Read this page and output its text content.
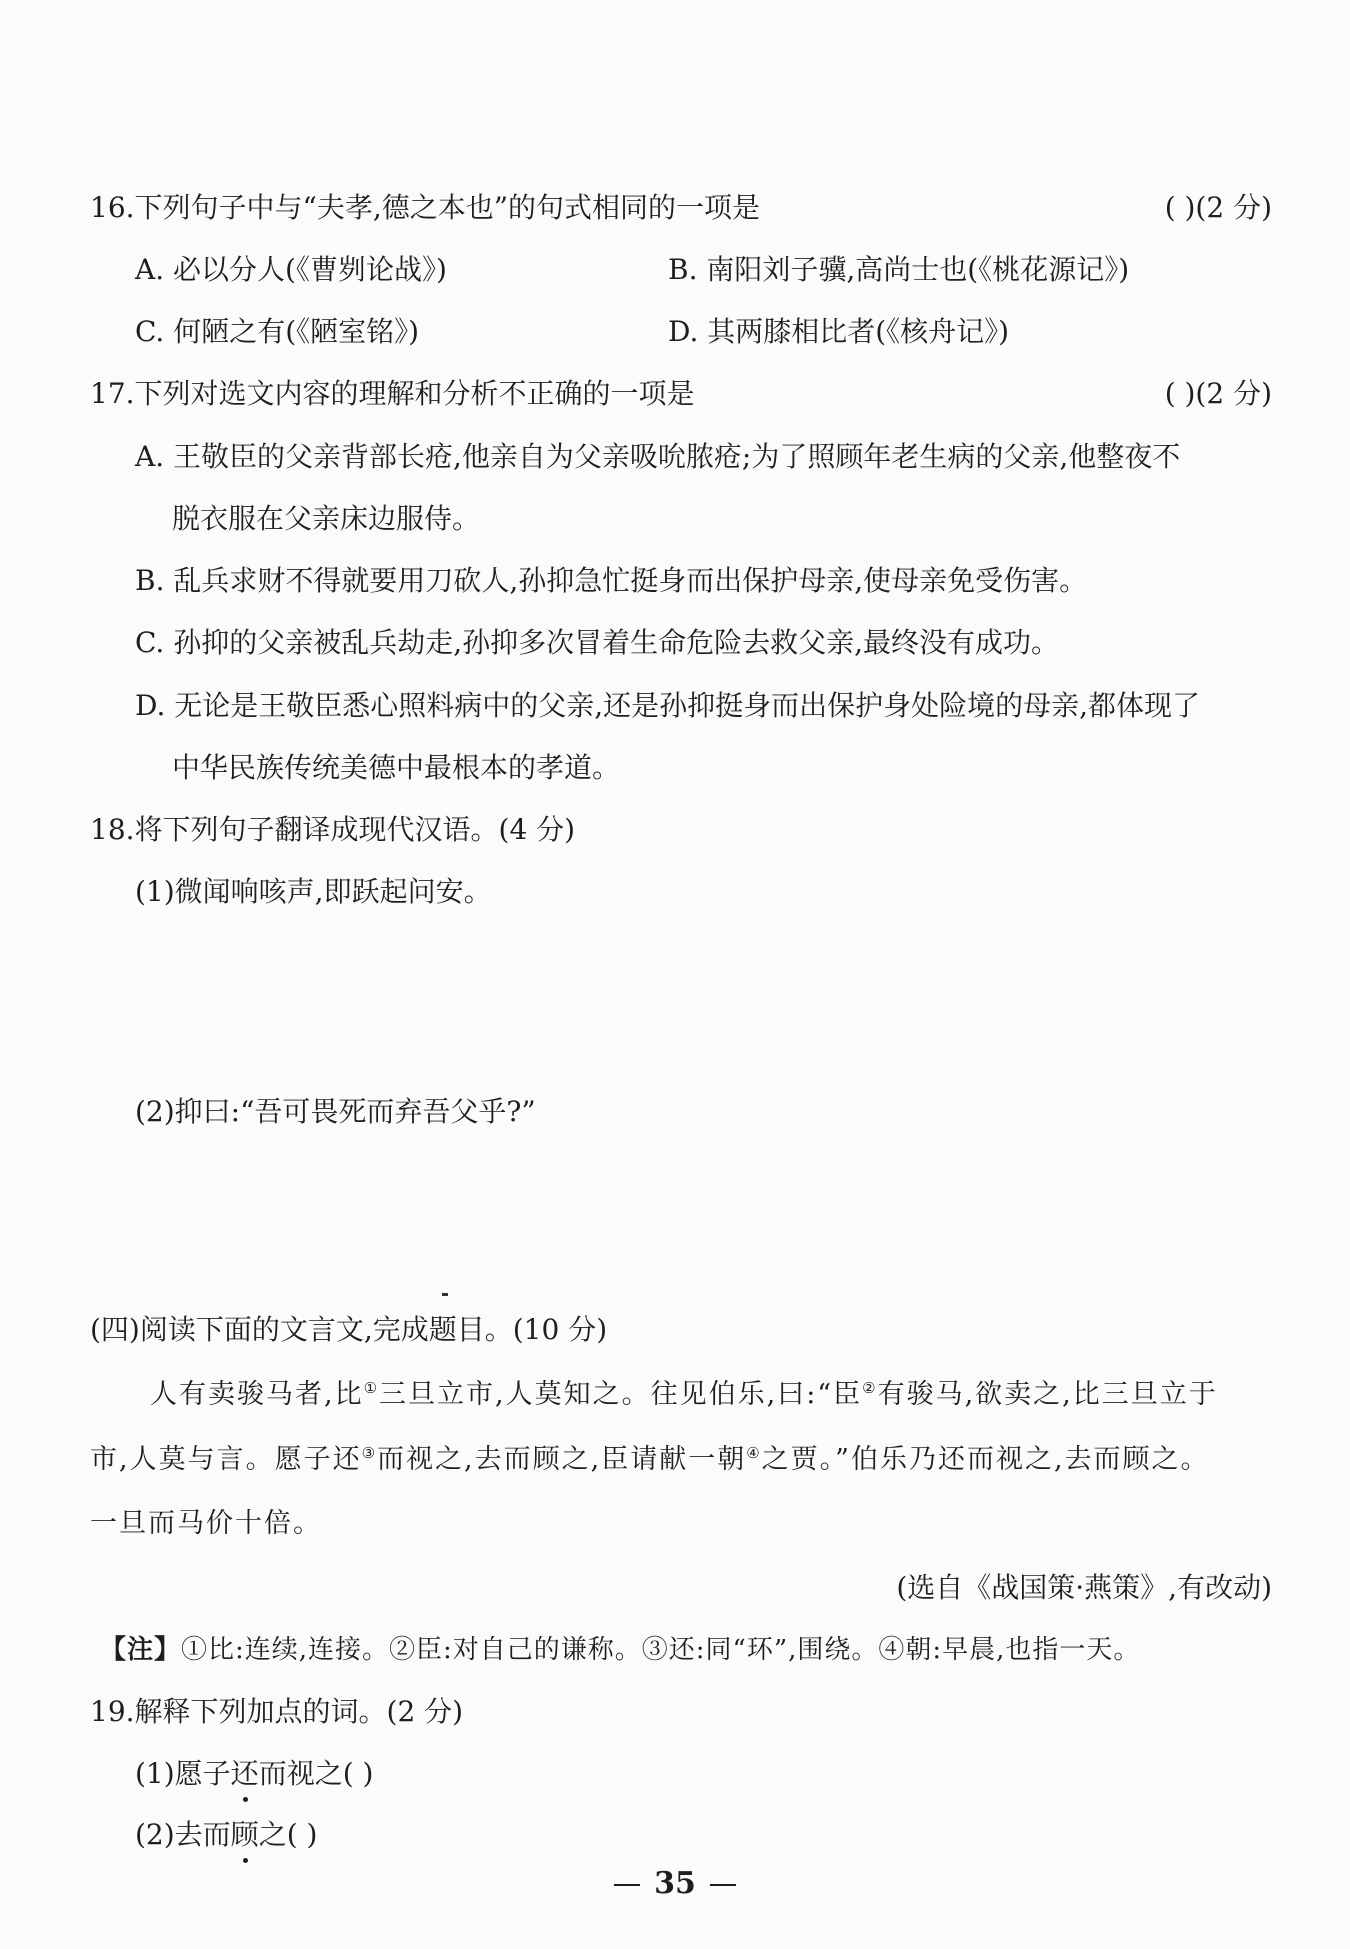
16.下列句子中与“夫孝,德之本也”的句式相同的一项是	( )(2 分)
A. 必以分人(《曹刿论战》)	B. 南阳刘子骥,高尚士也(《桃花源记》)
C. 何陋之有(《陋室铭》)	D. 其两膝相比者(《核舟记》)
17.下列对选文内容的理解和分析不正确的一项是	( )(2 分)
A. 王敬臣的父亲背部长疮,他亲自为父亲吸吮脓疮;为了照顾年老生病的父亲,他整夜不
脱衣服在父亲床边服侍。
B. 乱兵求财不得就要用刀砍人,孙抑急忙挺身而出保护母亲,使母亲免受伤害。
C. 孙抑的父亲被乱兵劫走,孙抑多次冒着生命危险去救父亲,最终没有成功。
D. 无论是王敬臣悉心照料病中的父亲,还是孙抑挺身而出保护身处险境的母亲,都体现了
中华民族传统美德中最根本的孝道。
18.将下列句子翻译成现代汉语。(4 分)
(1)微闻响咳声,即跃起问安。
(2)抑曰:“吾可畏死而弃吾父乎?”
(四)阅读下面的文言文,完成题目。(10 分)
人有卖骏马者,比①三旦立市,人莫知之。往见伯乐,曰:“臣②有骏马,欲卖之,比三旦立于
市,人莫与言。愿子还③而视之,去而顾之,臣请献一朝④之贾。”伯乐乃还而视之,去而顾之。
一旦而马价十倍。
(选自《战国策·燕策》,有改动)
【注】①比:连续,连接。②臣:对自己的谦称。③还:同“环”,围绕。④朝:早晨,也指一天。
19.解释下列加点的词。(2 分)
(1)愿子还而视之( )
(2)去而顾之( )
35
